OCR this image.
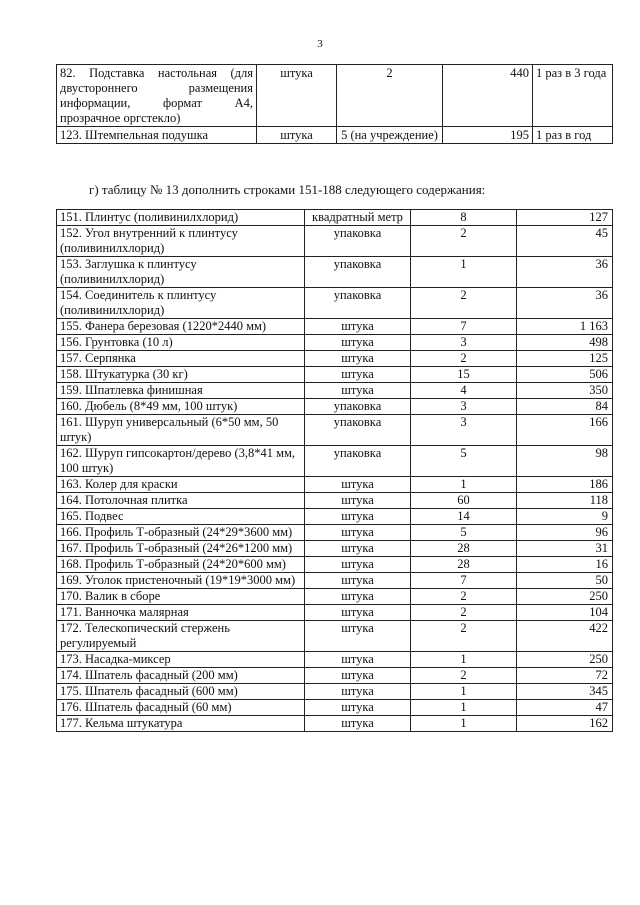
3
82. Подставка настольная (для двустороннего размещения информации, формат А4, прозрачное оргстекло)	штука	2	440	1 раз в 3 года
123. Штемпельная подушка	штука	5 (на учреждение)	195	1 раз в год
г) таблицу № 13 дополнить строками 151-188 следующего содержания:
151. Плинтус (поливинилхлорид)	квадратный метр	8	127
152. Угол внутренний к плинтусу (поливинилхлорид)	упаковка	2	45
153. Заглушка к плинтусу (поливинилхлорид)	упаковка	1	36
154. Соединитель к плинтусу (поливинилхлорид)	упаковка	2	36
155. Фанера березовая (1220*2440 мм)	штука	7	1 163
156. Грунтовка (10 л)	штука	3	498
157. Серпянка	штука	2	125
158. Штукатурка (30 кг)	штука	15	506
159. Шпатлевка финишная	штука	4	350
160. Дюбель (8*49 мм, 100 штук)	упаковка	3	84
161. Шуруп универсальный (6*50 мм, 50 штук)	упаковка	3	166
162. Шуруп гипсокартон/дерево (3,8*41 мм, 100 штук)	упаковка	5	98
163. Колер для краски	штука	1	186
164. Потолочная плитка	штука	60	118
165. Подвес	штука	14	9
166. Профиль Т-образный (24*29*3600 мм)	штука	5	96
167. Профиль Т-образный (24*26*1200 мм)	штука	28	31
168. Профиль Т-образный (24*20*600 мм)	штука	28	16
169. Уголок пристеночный (19*19*3000 мм)	штука	7	50
170. Валик в сборе	штука	2	250
171. Ванночка малярная	штука	2	104
172. Телескопический стержень регулируемый	штука	2	422
173. Насадка-миксер	штука	1	250
174. Шпатель фасадный (200 мм)	штука	2	72
175. Шпатель фасадный (600 мм)	штука	1	345
176. Шпатель фасадный (60 мм)	штука	1	47
177. Кельма штукатура	штука	1	162
